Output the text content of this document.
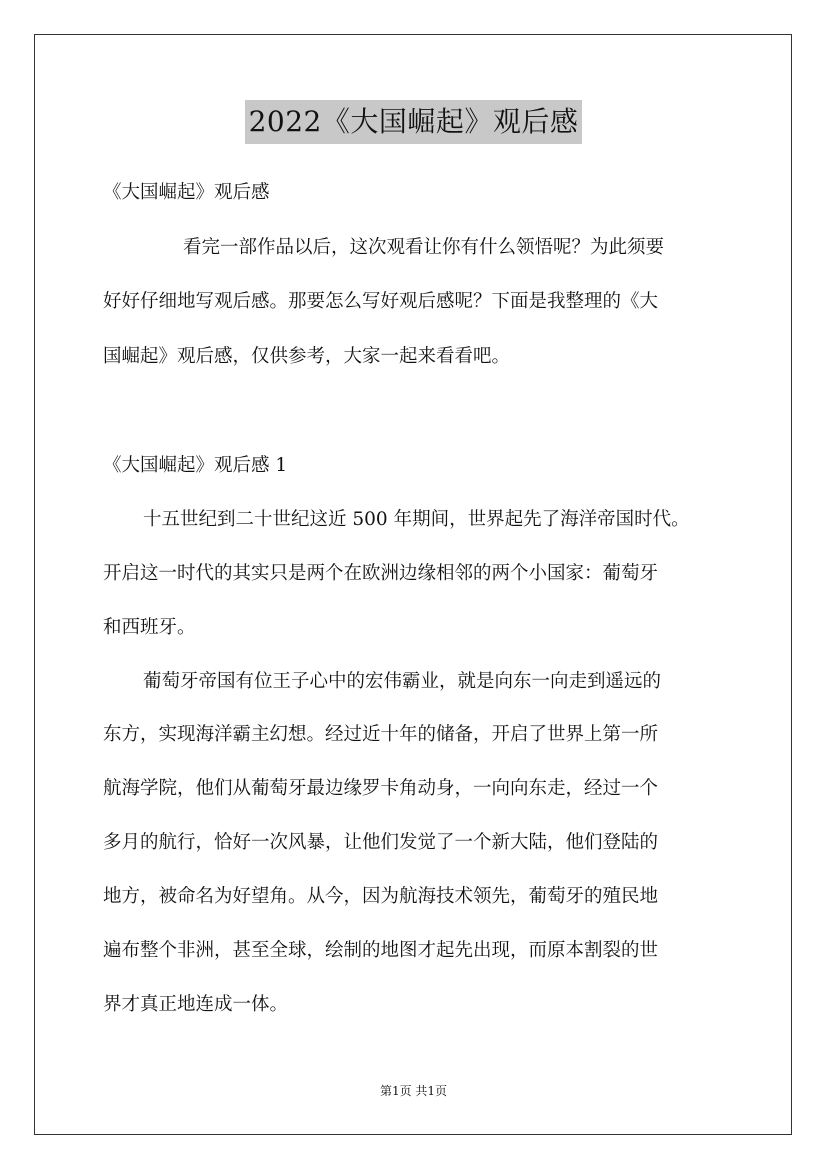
2022《大国崛起》观后感
《大国崛起》观后感
看完一部作品以后，这次观看让你有什么领悟呢？为此须要
好好仔细地写观后感。那要怎么写好观后感呢？下面是我整理的《大
国崛起》观后感，仅供参考，大家一起来看看吧。
《大国崛起》观后感 1
十五世纪到二十世纪这近 500 年期间，世界起先了海洋帝国时代。
开启这一时代的其实只是两个在欧洲边缘相邻的两个小国家：葡萄牙
和西班牙。
葡萄牙帝国有位王子心中的宏伟霸业，就是向东一向走到遥远的
东方，实现海洋霸主幻想。经过近十年的储备，开启了世界上第一所
航海学院，他们从葡萄牙最边缘罗卡角动身，一向向东走，经过一个
多月的航行，恰好一次风暴，让他们发觉了一个新大陆，他们登陆的
地方，被命名为好望角。从今，因为航海技术领先，葡萄牙的殖民地
遍布整个非洲，甚至全球，绘制的地图才起先出现，而原本割裂的世
界才真正地连成一体。
第1页 共1页
